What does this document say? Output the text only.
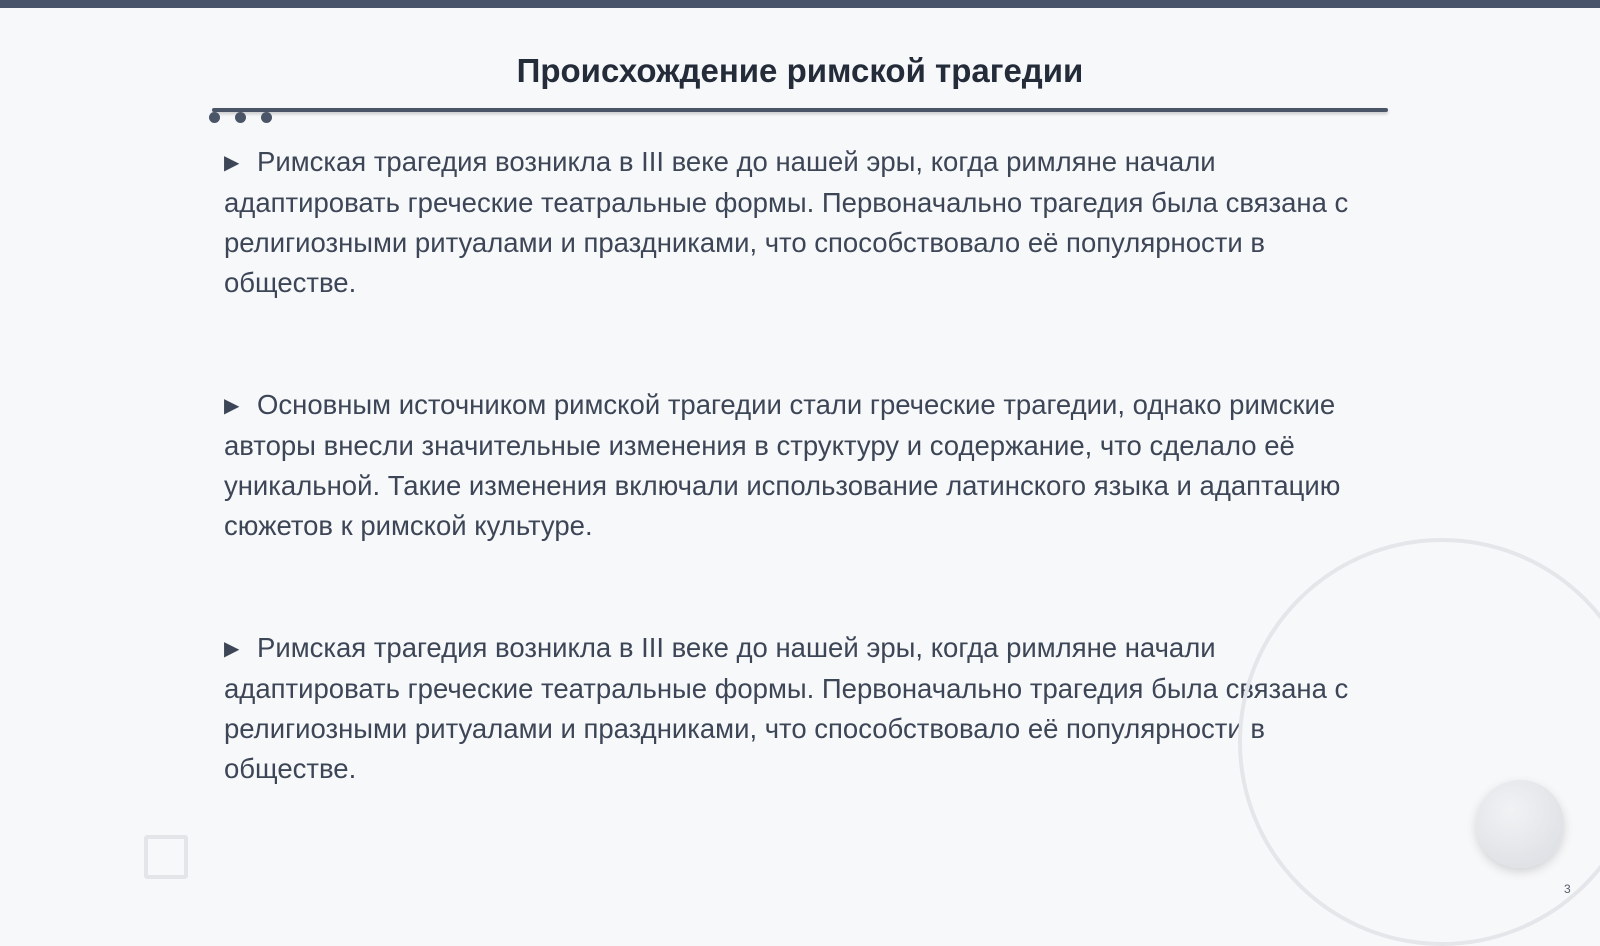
Происхождение римской трагедии

▶ Римская трагедия возникла в III веке до нашей эры, когда римляне начали адаптировать греческие театральные формы. Первоначально трагедия была связана с религиозными ритуалами и праздниками, что способствовало её популярности в обществе.

▶ Основным источником римской трагедии стали греческие трагедии, однако римские авторы внесли значительные изменения в структуру и содержание, что сделало её уникальной. Такие изменения включали использование латинского языка и адаптацию сюжетов к римской культуре.

▶ Римская трагедия возникла в III веке до нашей эры, когда римляне начали адаптировать греческие театральные формы. Первоначально трагедия была связана с религиозными ритуалами и праздниками, что способствовало её популярности в обществе.

3
